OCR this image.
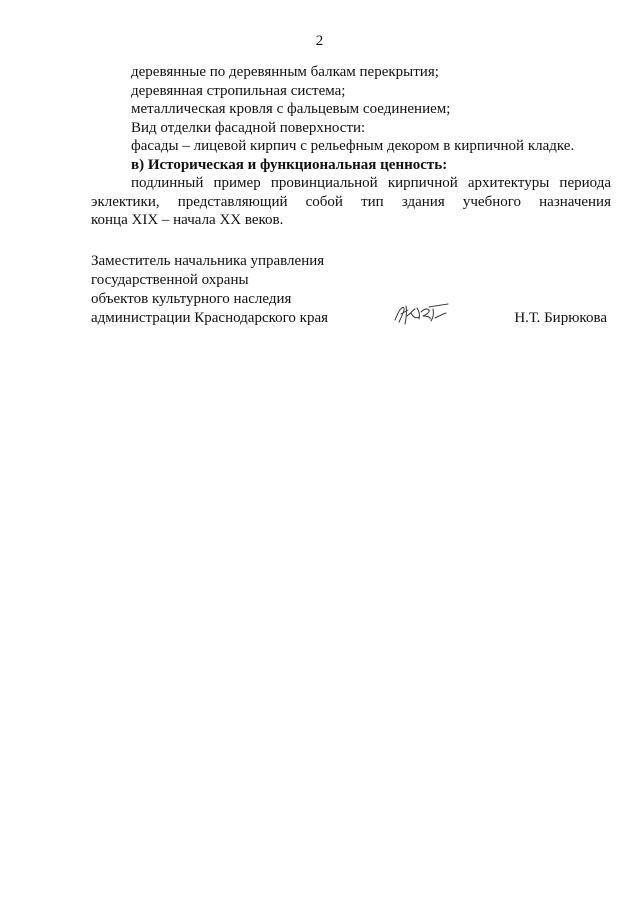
2

деревянные по деревянным балкам перекрытия;

деревянная стропильная система;

металлическая кровля с фальцевым соединением;

Вид отделки фасадной поверхности:

фасады – лицевой кирпич с рельефным декором в кирпичной кладке.

в) Историческая и функциональная ценность:

подлинный пример провинциальной кирпичной архитектуры периода

эклектики, представляющий собой тип здания учебного назначения

конца XIX – начала XX веков.

Заместитель начальника управления

государственной охраны

объектов культурного наследия

администрации Краснодарского края	Н.Т. Бирюкова
